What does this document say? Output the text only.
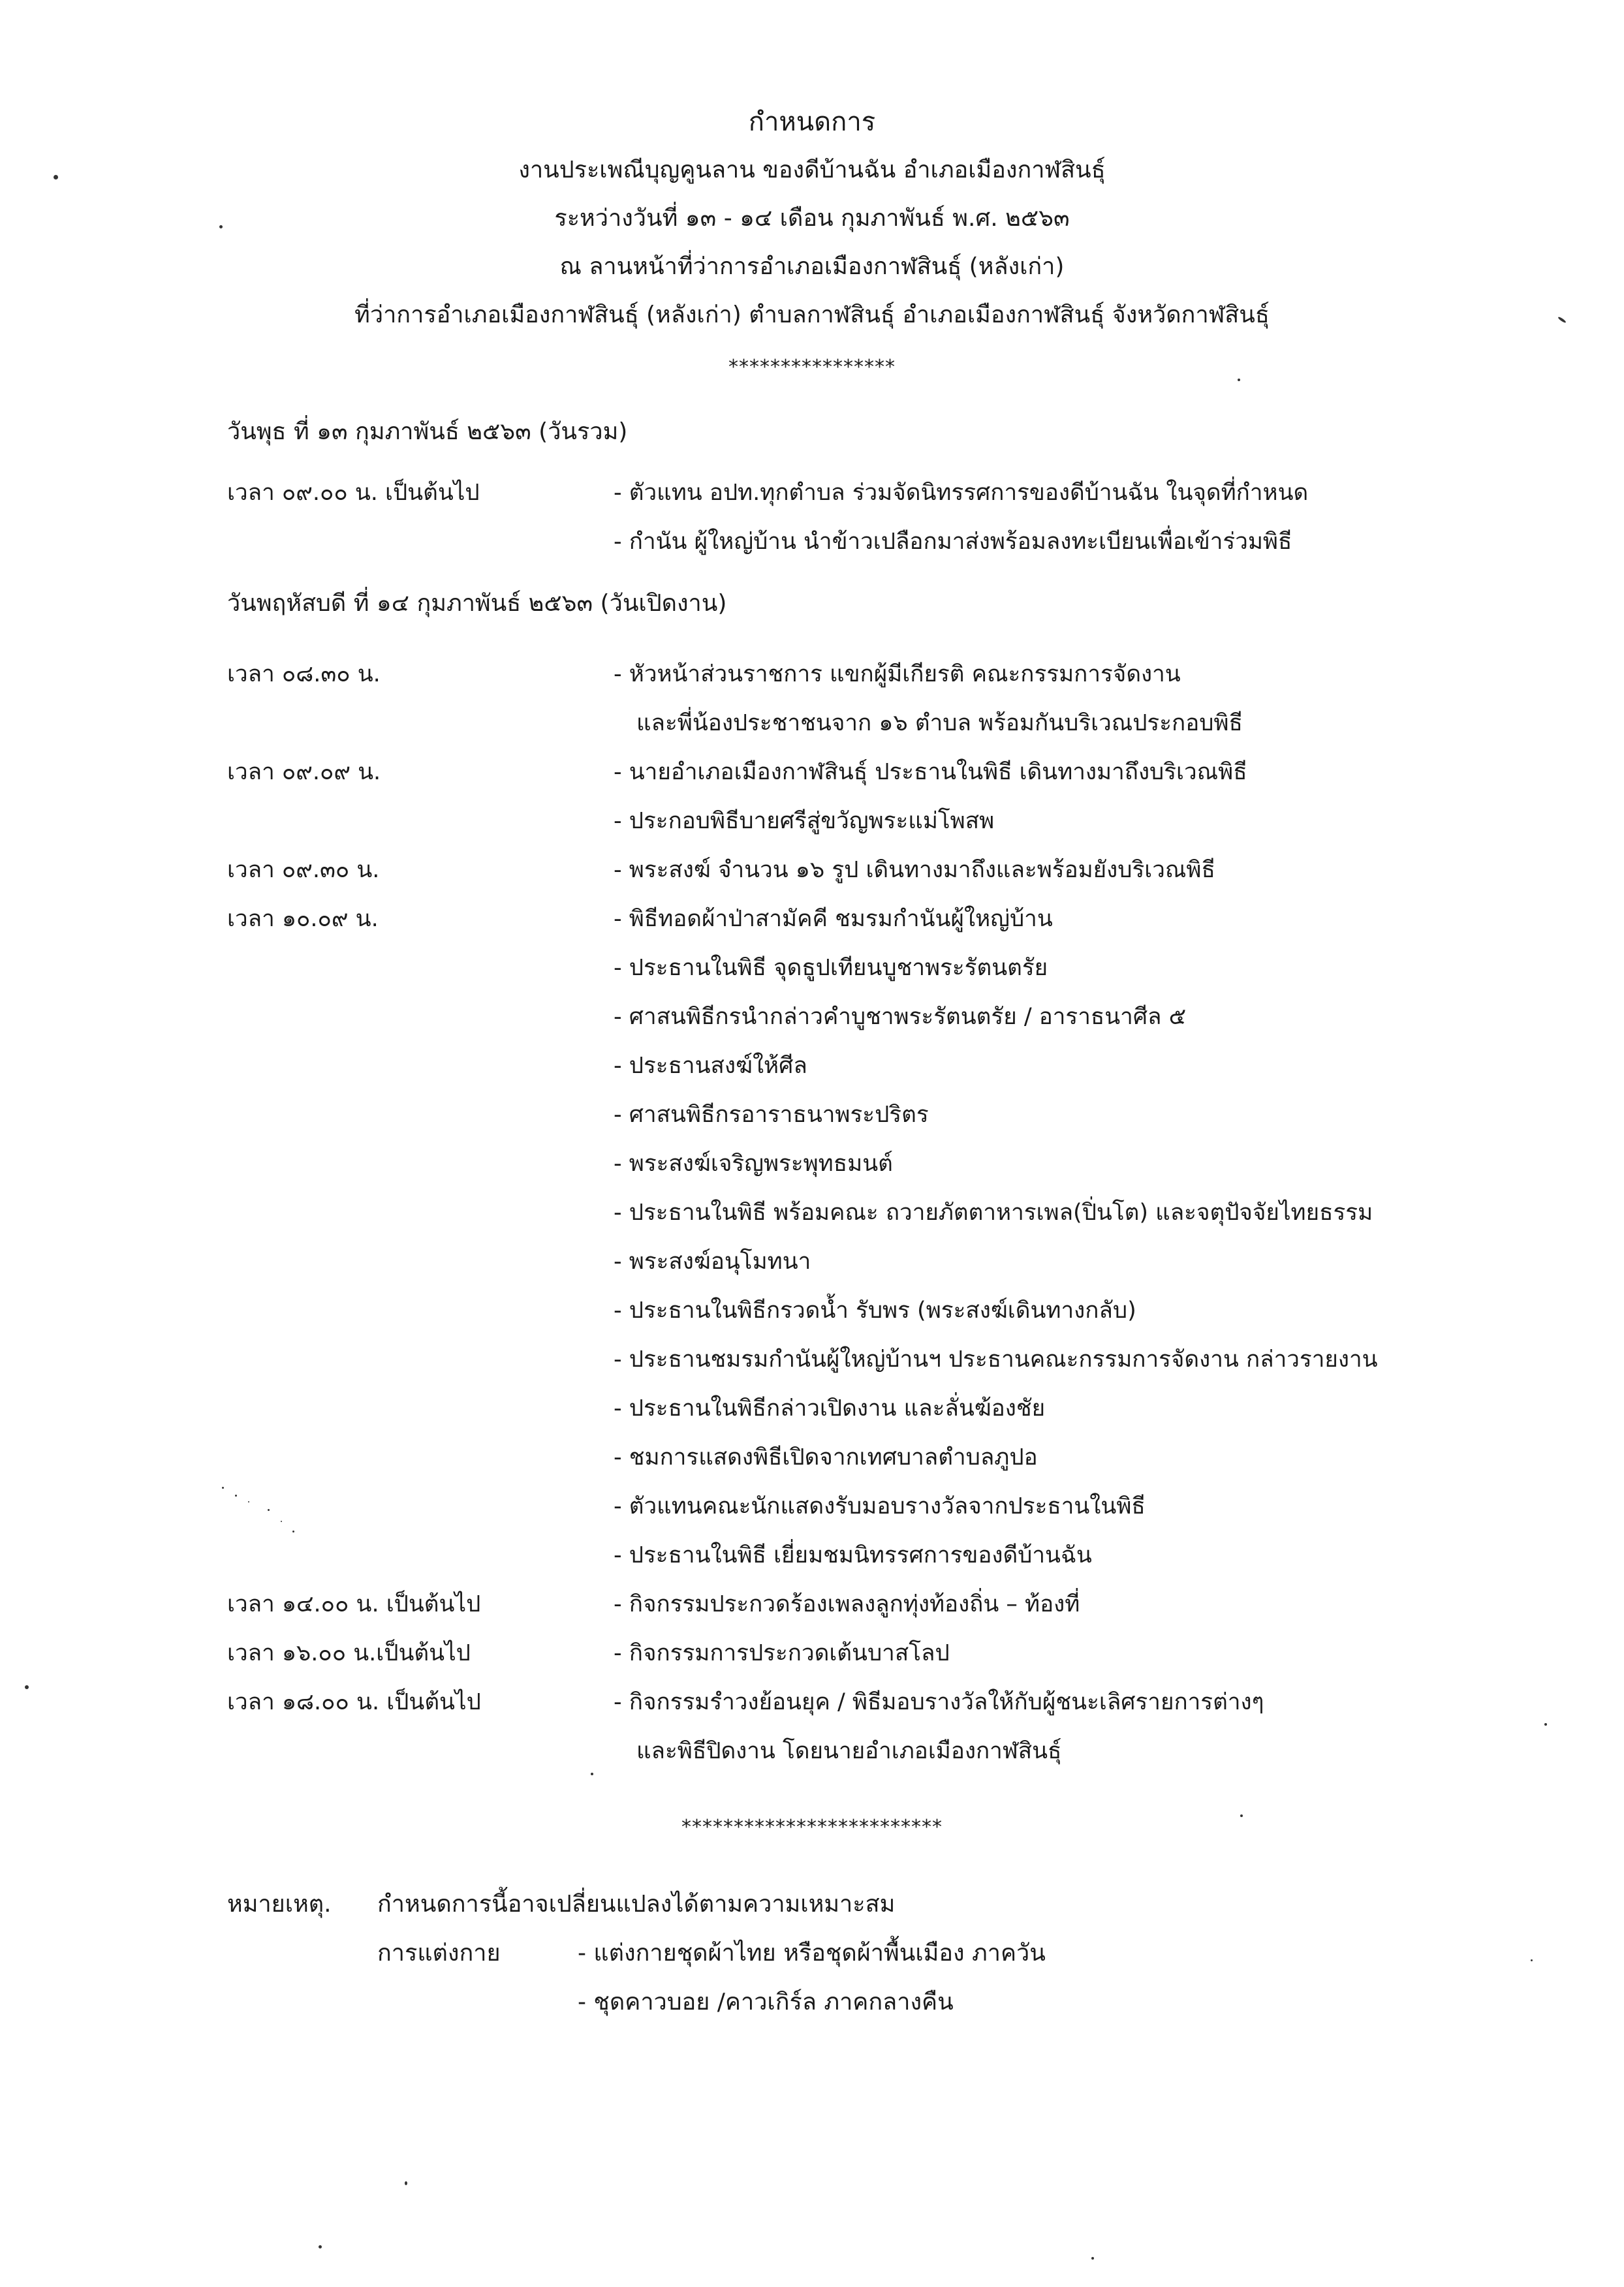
กำหนดการ
งานประเพณีบุญคูนลาน ของดีบ้านฉัน อำเภอเมืองกาฬสินธุ์
ระหว่างวันที่ ๑๓ - ๑๔ เดือน กุมภาพันธ์ พ.ศ. ๒๕๖๓
ณ ลานหน้าที่ว่าการอำเภอเมืองกาฬสินธุ์ (หลังเก่า)
ที่ว่าการอำเภอเมืองกาฬสินธุ์ (หลังเก่า) ตำบลกาฬสินธุ์ อำเภอเมืองกาฬสินธุ์ จังหวัดกาฬสินธุ์
****************
วันพุธ ที่ ๑๓ กุมภาพันธ์ ๒๕๖๓ (วันรวม)
เวลา ๐๙.๐๐ น. เป็นต้นไป	- ตัวแทน อปท.ทุกตำบล ร่วมจัดนิทรรศการของดีบ้านฉัน ในจุดที่กำหนด
- กำนัน ผู้ใหญ่บ้าน นำข้าวเปลือกมาส่งพร้อมลงทะเบียนเพื่อเข้าร่วมพิธี
วันพฤหัสบดี ที่ ๑๔ กุมภาพันธ์ ๒๕๖๓ (วันเปิดงาน)
เวลา ๐๘.๓๐ น.	- หัวหน้าส่วนราชการ แขกผู้มีเกียรติ คณะกรรมการจัดงาน
และพี่น้องประชาชนจาก ๑๖ ตำบล พร้อมกันบริเวณประกอบพิธี
เวลา ๐๙.๐๙ น.	- นายอำเภอเมืองกาฬสินธุ์ ประธานในพิธี เดินทางมาถึงบริเวณพิธี
- ประกอบพิธีบายศรีสู่ขวัญพระแม่โพสพ
เวลา ๐๙.๓๐ น.	- พระสงฆ์ จำนวน ๑๖ รูป เดินทางมาถึงและพร้อมยังบริเวณพิธี
เวลา ๑๐.๐๙ น.	- พิธีทอดผ้าป่าสามัคคี ชมรมกำนันผู้ใหญ่บ้าน
- ประธานในพิธี จุดธูปเทียนบูชาพระรัตนตรัย
- ศาสนพิธีกรนำกล่าวคำบูชาพระรัตนตรัย / อาราธนาศีล ๕
- ประธานสงฆ์ให้ศีล
- ศาสนพิธีกรอาราธนาพระปริตร
- พระสงฆ์เจริญพระพุทธมนต์
- ประธานในพิธี พร้อมคณะ ถวายภัตตาหารเพล(ปิ่นโต) และจตุปัจจัยไทยธรรม
- พระสงฆ์อนุโมทนา
- ประธานในพิธีกรวดน้ำ รับพร (พระสงฆ์เดินทางกลับ)
- ประธานชมรมกำนันผู้ใหญ่บ้านฯ ประธานคณะกรรมการจัดงาน กล่าวรายงาน
- ประธานในพิธีกล่าวเปิดงาน และลั่นฆ้องชัย
- ชมการแสดงพิธีเปิดจากเทศบาลตำบลภูปอ
- ตัวแทนคณะนักแสดงรับมอบรางวัลจากประธานในพิธี
- ประธานในพิธี เยี่ยมชมนิทรรศการของดีบ้านฉัน
เวลา ๑๔.๐๐ น. เป็นต้นไป	- กิจกรรมประกวดร้องเพลงลูกทุ่งท้องถิ่น – ท้องที่
เวลา ๑๖.๐๐ น.เป็นต้นไป	- กิจกรรมการประกวดเต้นบาสโลป
เวลา ๑๘.๐๐ น. เป็นต้นไป	- กิจกรรมรำวงย้อนยุค / พิธีมอบรางวัลให้กับผู้ชนะเลิศรายการต่างๆ
และพิธีปิดงาน โดยนายอำเภอเมืองกาฬสินธุ์
*************************
หมายเหตุ. กำหนดการนี้อาจเปลี่ยนแปลงได้ตามความเหมาะสม
การแต่งกาย	- แต่งกายชุดผ้าไทย หรือชุดผ้าพื้นเมือง ภาควัน
- ชุดคาวบอย /คาวเกิร์ล ภาคกลางคืน
